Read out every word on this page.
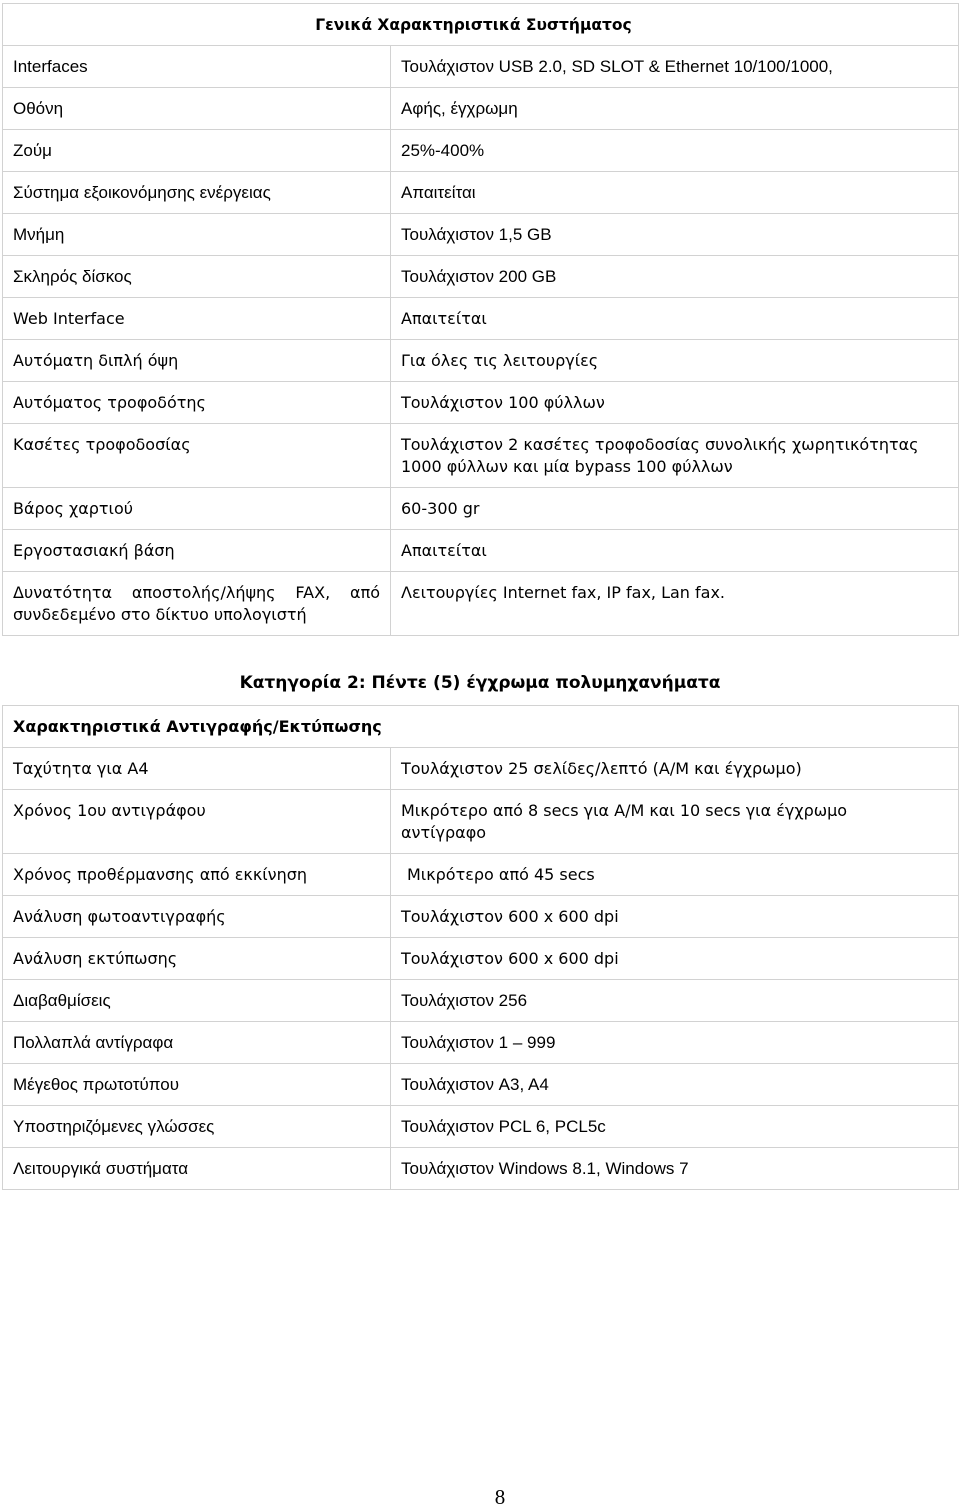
Γενικά Χαρακτηριστικά Συστήματος	
Interfaces	Τουλάχιστον USB 2.0, SD SLOT & Ethernet 10/100/1000,
Οθόνη	Αφής, έγχρωμη
Ζούμ	25%-400%
Σύστημα εξοικονόμησης ενέργειας	Απαιτείται
Μνήμη	Τουλάχιστον 1,5 GB
Σκληρός δίσκος	Τουλάχιστον 200 GB
Web Interface	Απαιτείται
Αυτόματη διπλή όψη	Για όλες τις λειτουργίες
Αυτόματος τροφοδότης	Τουλάχιστον 100 φύλλων
Κασέτες τροφοδοσίας	Τουλάχιστον 2 κασέτες τροφοδοσίας συνολικής χωρητικότητας 1000 φύλλων και μία bypass 100 φύλλων
Βάρος χαρτιού	60-300 gr
Εργοστασιακή βάση	Απαιτείται
Δυνατότητα αποστολής/λήψης FAX, από συνδεδεμένο στο δίκτυο υπολογιστή	Λειτουργίες Internet fax, IP fax, Lan fax.
Κατηγορία 2: Πέντε (5) έγχρωμα πολυμηχανήματα
Χαρακτηριστικά Αντιγραφής/Εκτύπωσης	
Ταχύτητα για A4	Τουλάχιστον 25 σελίδες/λεπτό (Α/Μ και έγχρωμο)
Χρόνος 1ου αντιγράφου	Μικρότερο από 8 secs για Α/Μ και 10 secs για έγχρωμο αντίγραφο
Χρόνος προθέρμανσης από εκκίνηση	Μικρότερο από 45 secs
Ανάλυση φωτοαντιγραφής	Τουλάχιστον 600 x 600 dpi
Ανάλυση εκτύπωσης	Τουλάχιστον 600 x 600 dpi
Διαβαθμίσεις	Τουλάχιστον 256
Πολλαπλά αντίγραφα	Τουλάχιστον 1 – 999
Μέγεθος πρωτοτύπου	Τουλάχιστον A3, A4
Υποστηριζόμενες γλώσσες	Τουλάχιστον PCL 6, PCL5c
Λειτουργικά συστήματα	Τουλάχιστον Windows 8.1, Windows 7
8
